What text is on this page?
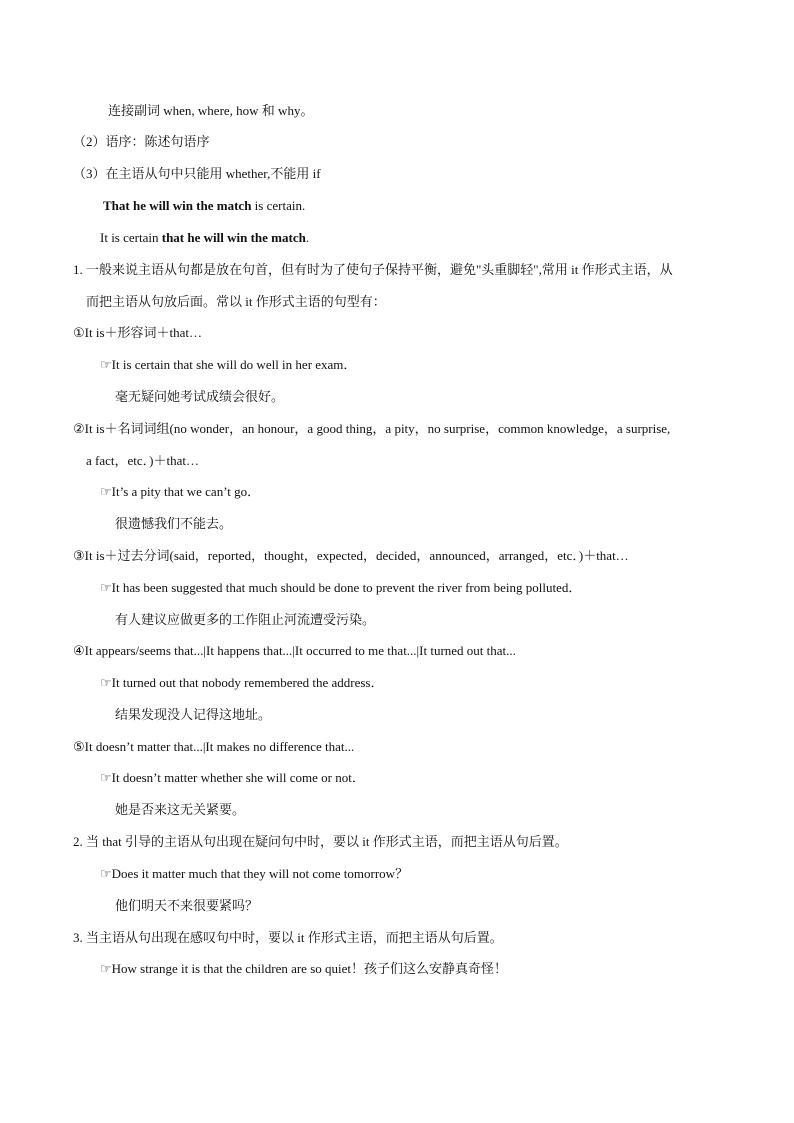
连接副词 when, where, how 和 why。
（2）语序：陈述句语序
（3）在主语从句中只能用 whether,不能用 if
That he will win the match is certain.
It is certain that he will win the match.
1. 一般来说主语从句都是放在句首，但有时为了使句子保持平衡，避免"头重脚轻",常用 it 作形式主语，从
而把主语从句放后面。常以 it 作形式主语的句型有：
①It is＋形容词＋that…
☞It is certain that she will do well in her exam．
毫无疑问她考试成绩会很好。
②It is＋名词词组(no wonder，an honour，a good thing，a pity，no surprise，common knowledge，a surprise,
a fact，etc．)＋that…
☞It’s a pity that we can’t go．
很遗憾我们不能去。
③It is＋过去分词(said，reported，thought，expected，decided，announced，arranged，etc．)＋that…
☞It has been suggested that much should be done to prevent the river from being polluted．
有人建议应做更多的工作阻止河流遭受污染。
④It appears/seems that...|It happens that...|It occurred to me that...|It turned out that...
☞It turned out that nobody remembered the address．
结果发现没人记得这地址。
⑤It doesn’t matter that...|It makes no difference that...
☞It doesn’t matter whether she will come or not．
她是否来这无关紧要。
2. 当 that 引导的主语从句出现在疑问句中时，要以 it 作形式主语，而把主语从句后置。
☞Does it matter much that they will not come tomorrow？
他们明天不来很要紧吗？
3. 当主语从句出现在感叹句中时，要以 it 作形式主语，而把主语从句后置。
☞How strange it is that the children are so quiet！孩子们这么安静真奇怪！
